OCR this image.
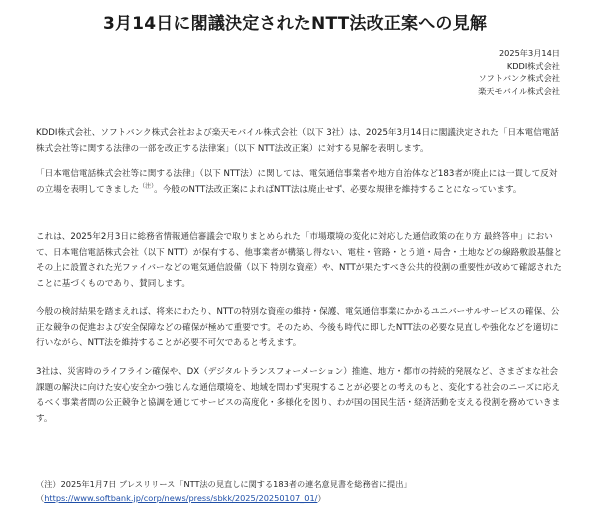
3月14日に閣議決定されたNTT法改正案への見解
2025年3月14日
KDDI株式会社
ソフトバンク株式会社
楽天モバイル株式会社

KDDI株式会社、ソフトバンク株式会社および楽天モバイル株式会社（以下 3社）は、2025年3月14日に閣議決定された「日本電信電話株式会社等に関する法律の一部を改正する法律案」（以下 NTT法改正案）に対する見解を表明します。

「日本電信電話株式会社等に関する法律」（以下 NTT法）に関しては、電気通信事業者や地方自治体など183者が廃止には一貫して反対の立場を表明してきました$^{(注)}$。今般のNTT法改正案によればNTT法は廃止せず、必要な規律を維持することになっています。

これは、2025年2月3日に総務省情報通信審議会で取りまとめられた「市場環境の変化に対応した通信政策の在り方 最終答申」において、日本電信電話株式会社（以下 NTT）が保有する、他事業者が構築し得ない、電柱・管路・とう道・局舎・土地などの線路敷設基盤とその上に設置された光ファイバーなどの電気通信設備（以下 特別な資産）や、NTTが果たすべき公共的役割の重要性が改めて確認されたことに基づくものであり、賛同します。

今般の検討結果を踏まえれば、将来にわたり、NTTの特別な資産の維持・保護、電気通信事業にかかるユニバーサルサービスの確保、公正な競争の促進および安全保障などの確保が極めて重要です。そのため、今後も時代に即したNTT法の必要な見直しや強化などを適切に行いながら、NTT法を維持することが必要不可欠であると考えます。

3社は、災害時のライフライン確保や、DX（デジタルトランスフォーメーション）推進、地方・都市の持続的発展など、さまざまな社会課題の解決に向けた安心安全かつ強じんな通信環境を、地域を問わず実現することが必要との考えのもと、変化する社会のニーズに応えるべく事業者間の公正競争と協調を通じてサービスの高度化・多様化を図り、わが国の国民生活・経済活動を支える役割を務めていきます。

（注）2025年1月7日 プレスリリース「NTT法の見直しに関する183者の連名意見書を総務省に提出」
（https://www.softbank.jp/corp/news/press/sbkk/2025/20250107_01/）
